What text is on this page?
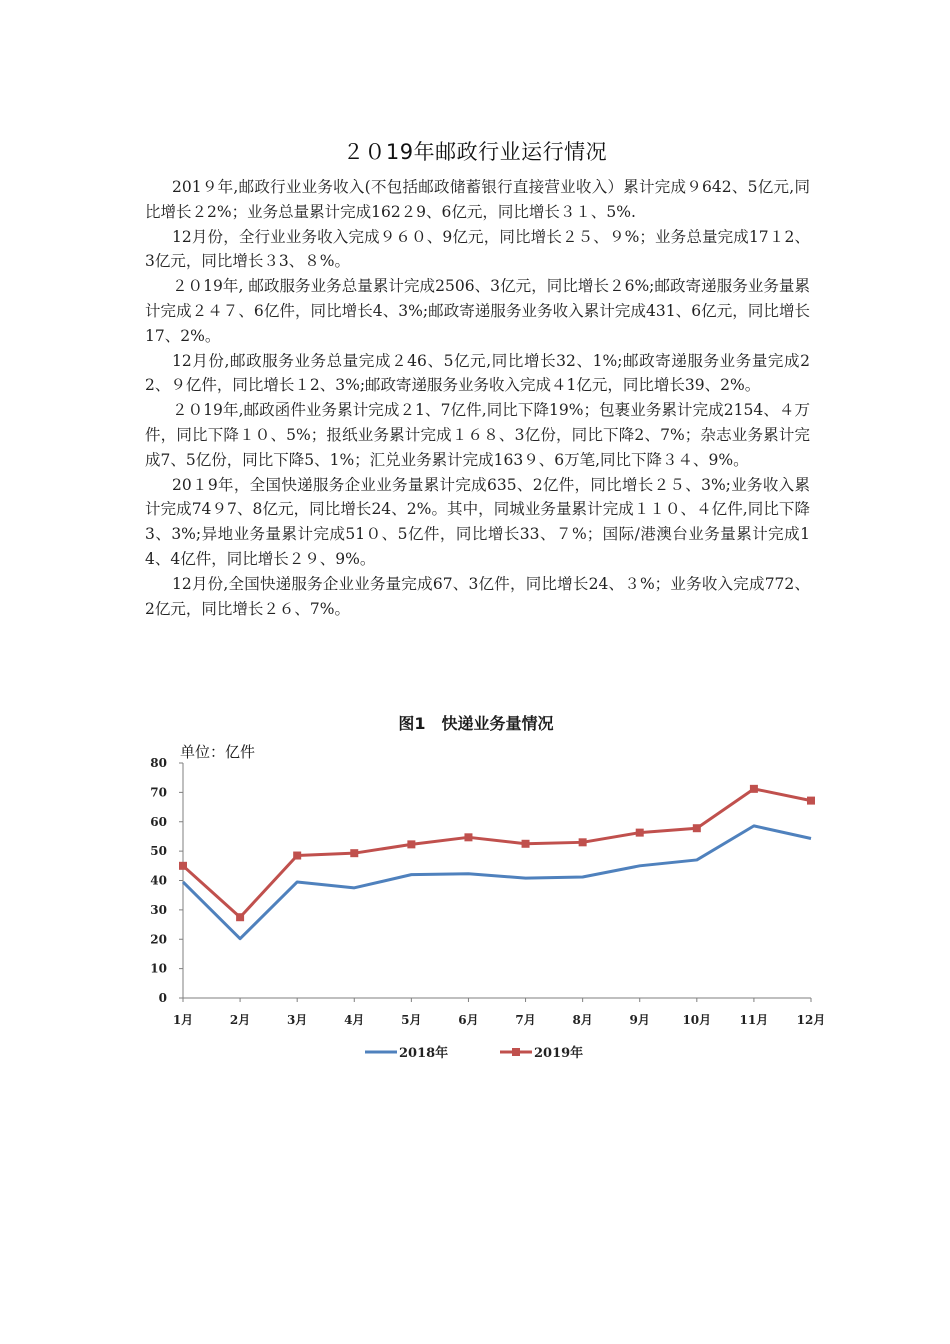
２０19年邮政行业运行情况

201９年,邮政行业业务收入(不包括邮政储蓄银行直接营业收入）累计完成９642、5亿元,同比增长２2%；业务总量累计完成162２9、6亿元，同比增长３１、5%.

12月份，全行业业务收入完成９６０、9亿元，同比增长２５、９%；业务总量完成17１2、3亿元，同比增长３3、８%。

２０19年, 邮政服务业务总量累计完成2506、3亿元，同比增长２6%;邮政寄递服务业务量累计完成２４７、6亿件，同比增长4、3%;邮政寄递服务业务收入累计完成431、6亿元，同比增长17、2%。

12月份,邮政服务业务总量完成２46、5亿元,同比增长32、1%;邮政寄递服务业务量完成22、９亿件，同比增长１2、3%;邮政寄递服务业务收入完成４1亿元，同比增长39、2%。

２０19年,邮政函件业务累计完成２1、7亿件,同比下降19%；包裹业务累计完成2154、４万件，同比下降１０、5%；报纸业务累计完成１６８、3亿份，同比下降2、7%；杂志业务累计完成7、5亿份，同比下降5、1%；汇兑业务累计完成163９、6万笔,同比下降３４、9%。

20１9年，全国快递服务企业业务量累计完成635、2亿件，同比增长２５、3%;业务收入累计完成74９7、8亿元，同比增长24、2%。其中，同城业务量累计完成１１０、４亿件,同比下降3、3%;异地业务量累计完成51０、5亿件，同比增长33、７%；国际/港澳台业务量累计完成14、4亿件，同比增长２９、9%。

12月份,全国快递服务企业业务量完成67、3亿件，同比增长24、３%；业务收入完成772、2亿元，同比增长２６、7%。

图1　快递业务量情况
单位：亿件
0
10
20
30
40
50
60
70
80
1月	2月	3月	4月	5月	6月	7月	8月	9月	10月 11月 12月
2018年	2019年
